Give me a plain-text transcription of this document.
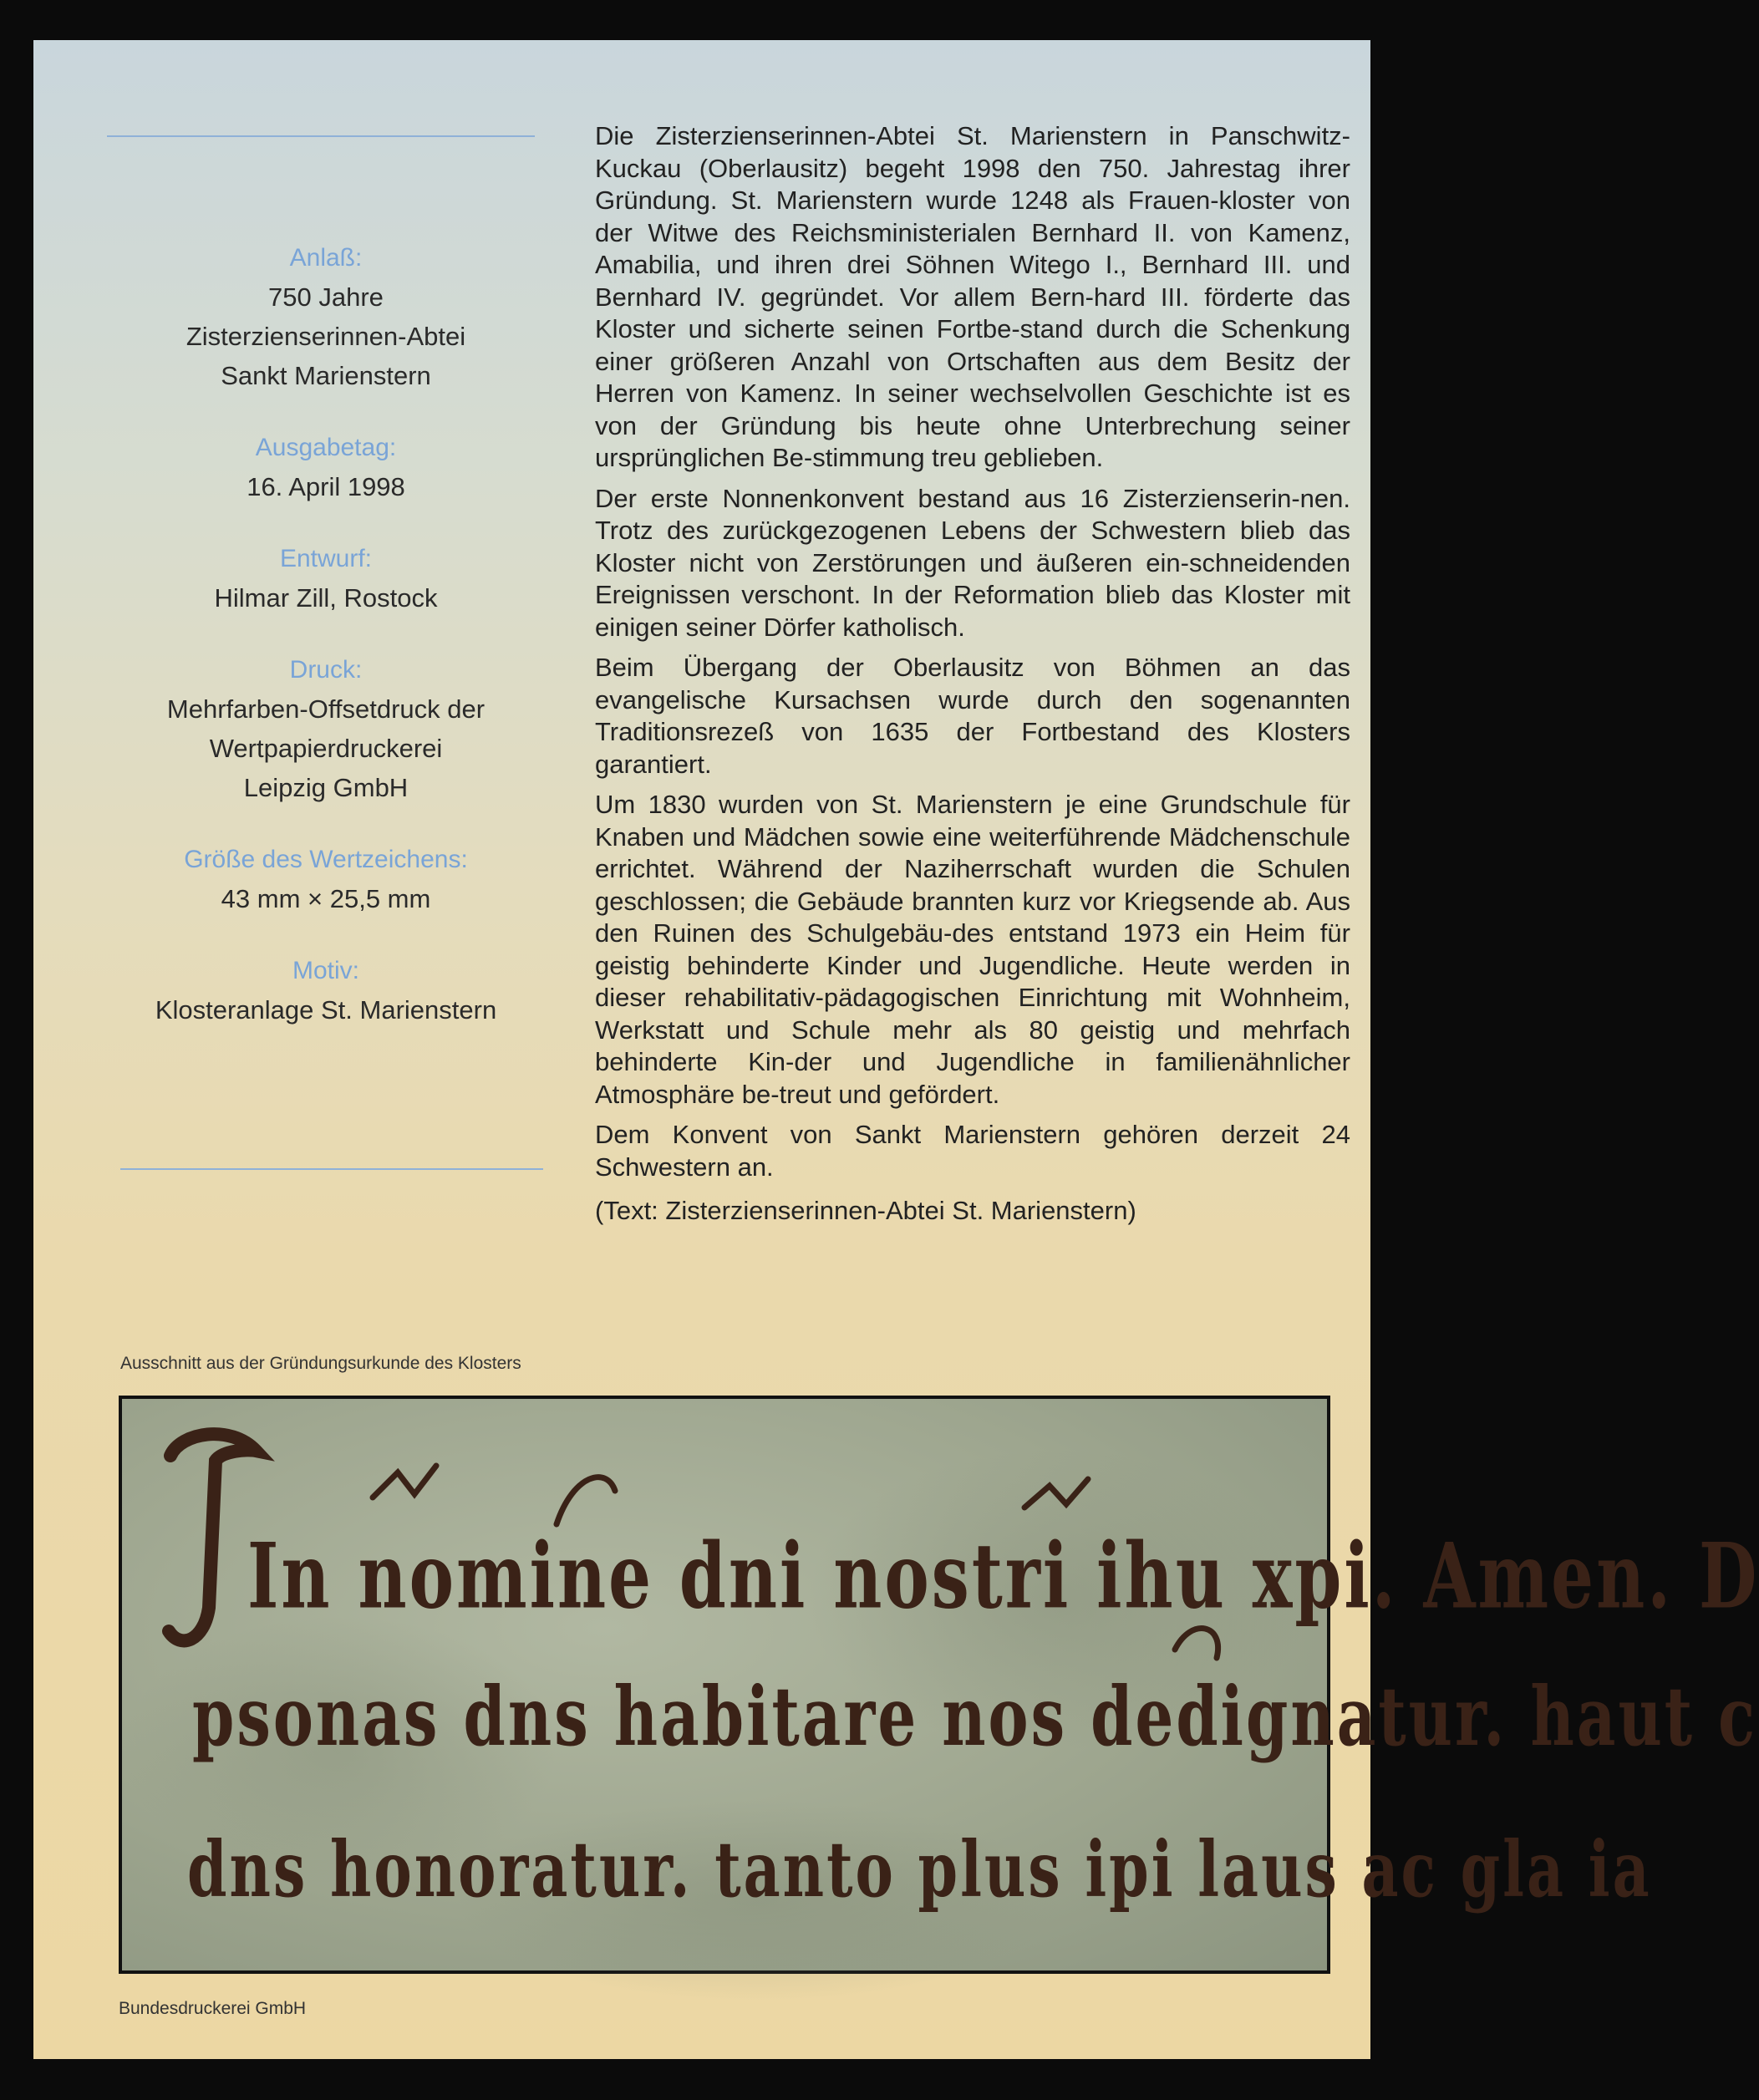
Anlaß:
750 Jahre
Zisterzienserinnen-Abtei
Sankt Marienstern
Ausgabetag:
16. April 1998
Entwurf:
Hilmar Zill, Rostock
Druck:
Mehrfarben-Offsetdruck der
Wertpapierdruckerei
Leipzig GmbH
Größe des Wertzeichens:
43 mm × 25,5 mm
Motiv:
Klosteranlage St. Marienstern

Die Zisterzienserinnen-Abtei St. Marienstern in Panschwitz-Kuckau (Oberlausitz) begeht 1998 den 750. Jahrestag ihrer Gründung. St. Marienstern wurde 1248 als Frauen-kloster von der Witwe des Reichsministerialen Bernhard II. von Kamenz, Amabilia, und ihren drei Söhnen Witego I., Bernhard III. und Bernhard IV. gegründet. Vor allem Bern-hard III. förderte das Kloster und sicherte seinen Fortbe-stand durch die Schenkung einer größeren Anzahl von Ortschaften aus dem Besitz der Herren von Kamenz. In seiner wechselvollen Geschichte ist es von der Gründung bis heute ohne Unterbrechung seiner ursprünglichen Be-stimmung treu geblieben.

Der erste Nonnenkonvent bestand aus 16 Zisterzienserin-nen. Trotz des zurückgezogenen Lebens der Schwestern blieb das Kloster nicht von Zerstörungen und äußeren ein-schneidenden Ereignissen verschont. In der Reformation blieb das Kloster mit einigen seiner Dörfer katholisch.

Beim Übergang der Oberlausitz von Böhmen an das evangelische Kursachsen wurde durch den sogenannten Traditionsrezeß von 1635 der Fortbestand des Klosters garantiert.

Um 1830 wurden von St. Marienstern je eine Grundschule für Knaben und Mädchen sowie eine weiterführende Mädchenschule errichtet. Während der Naziherrschaft wurden die Schulen geschlossen; die Gebäude brannten kurz vor Kriegsende ab. Aus den Ruinen des Schulgebäu-des entstand 1973 ein Heim für geistig behinderte Kinder und Jugendliche. Heute werden in dieser rehabilitativ-pädagogischen Einrichtung mit Wohnheim, Werkstatt und Schule mehr als 80 geistig und mehrfach behinderte Kin-der und Jugendliche in familienähnlicher Atmosphäre be-treut und gefördert.

Dem Konvent von Sankt Marienstern gehören derzeit 24 Schwestern an.

(Text: Zisterzienserinnen-Abtei St. Marienstern)

Ausschnitt aus der Gründungsurkunde des Klosters
In nomine dni nostri ihu xpi. Amen. D
psonas dns habitare nos dedignatur. haut c
dns honoratur. tanto plus ipi laus ac gla ia
Bundesdruckerei GmbH
